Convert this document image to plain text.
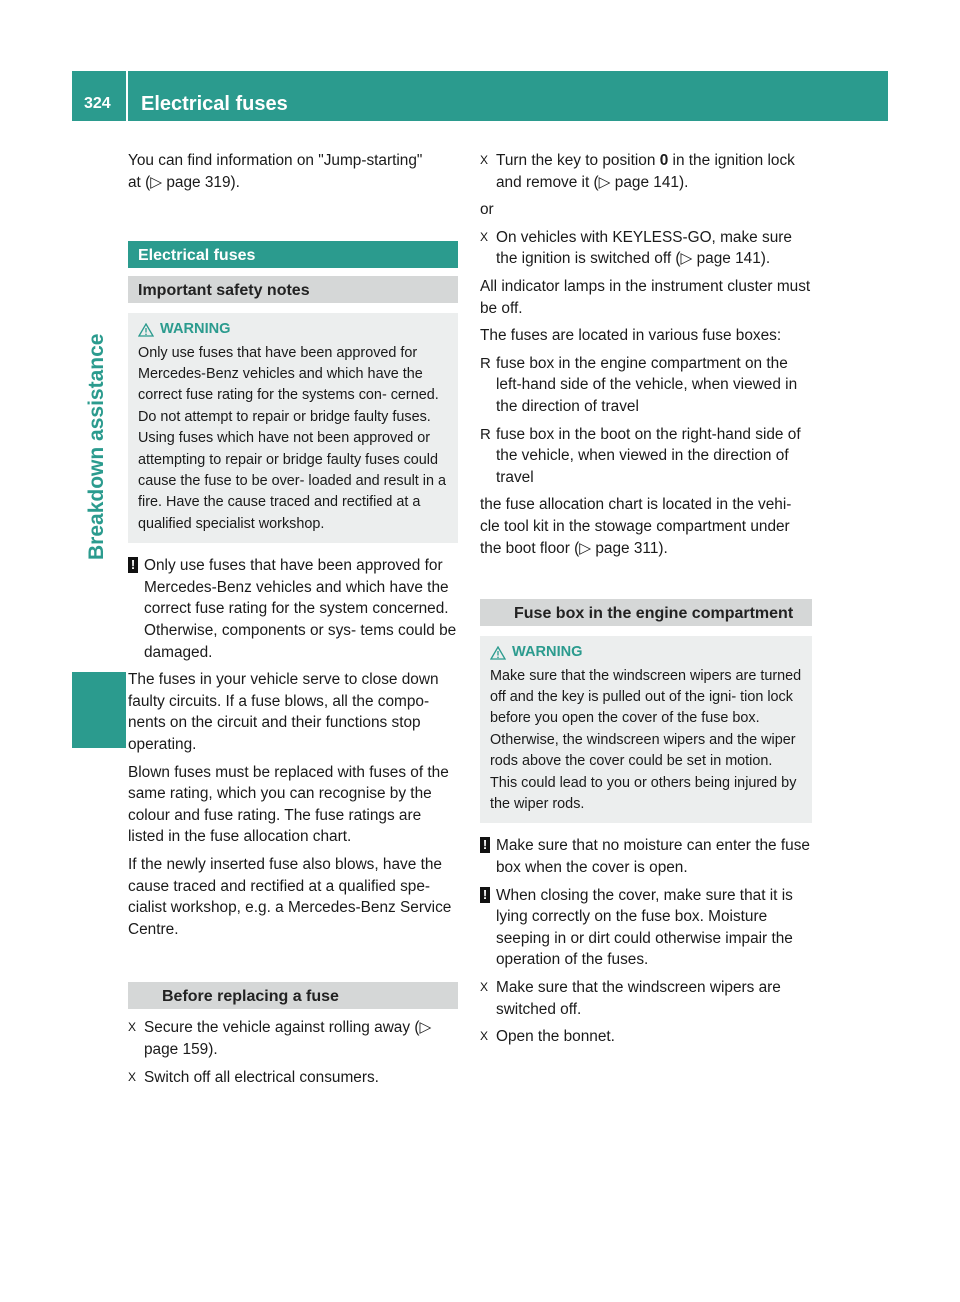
324	Electrical fuses
Breakdown assistance
You can find information on "Jump-starting"
at (▷ page 319).
Electrical fuses
Important safety notes
WARNING
Only use fuses that have been approved for Mercedes-Benz vehicles and which have the correct fuse rating for the systems con- cerned. Do not attempt to repair or bridge faulty fuses. Using fuses which have not been approved or attempting to repair or bridge faulty fuses could cause the fuse to be over- loaded and result in a fire. Have the cause traced and rectified at a qualified specialist workshop.
! Only use fuses that have been approved for Mercedes-Benz vehicles and which have the correct fuse rating for the system concerned. Otherwise, components or sys- tems could be damaged.

The fuses in your vehicle serve to close down faulty circuits. If a fuse blows, all the compo- nents on the circuit and their functions stop operating.

Blown fuses must be replaced with fuses of the same rating, which you can recognise by the colour and fuse rating. The fuse ratings are listed in the fuse allocation chart.

If the newly inserted fuse also blows, have the cause traced and rectified at a qualified spe- cialist workshop, e.g. a Mercedes-Benz Service Centre.

Before replacing a fuse
X Secure the vehicle against rolling away (▷ page 159).
X Switch off all electrical consumers.
X Turn the key to position 0 in the ignition lock and remove it (▷ page 141).

or

X On vehicles with KEYLESS-GO, make sure the ignition is switched off (▷ page 141).

All indicator lamps in the instrument cluster must be off.

The fuses are located in various fuse boxes:

R fuse box in the engine compartment on the left-hand side of the vehicle, when viewed in the direction of travel
R fuse box in the boot on the right-hand side of the vehicle, when viewed in the direction of travel

the fuse allocation chart is located in the vehi- cle tool kit in the stowage compartment under the boot floor (▷ page 311).

Fuse box in the engine compartment
WARNING
Make sure that the windscreen wipers are turned off and the key is pulled out of the igni- tion lock before you open the cover of the fuse box. Otherwise, the windscreen wipers and the wiper rods above the cover could be set in motion. This could lead to you or others being injured by the wiper rods.
! Make sure that no moisture can enter the fuse box when the cover is open.
! When closing the cover, make sure that it is lying correctly on the fuse box. Moisture seeping in or dirt could otherwise impair the operation of the fuses.
X Make sure that the windscreen wipers are switched off.
X Open the bonnet.
